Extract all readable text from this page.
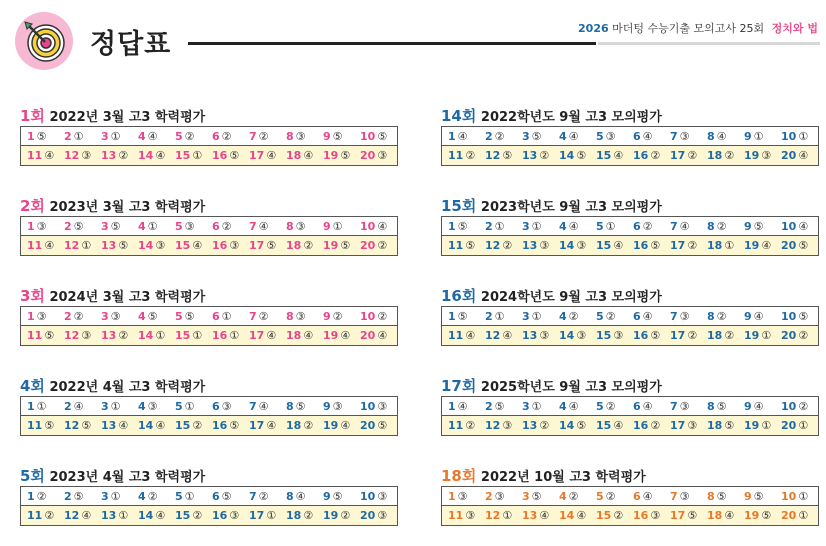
정답표
2026 마더텅 수능기출 모의고사 25회 정치와 법
1회 2022년 3월 고3 학력평가
1 ⑤	2 ①	3 ①	4 ④	5 ②	6 ②	7 ②	8 ③	9 ⑤	10 ⑤
11 ④ 12 ③ 13 ② 14 ④ 15 ① 16 ⑤ 17 ④ 18 ④ 19 ⑤ 20 ③
2회 2023년 3월 고3 학력평가
1 ③	2 ⑤	3 ⑤	4 ①	5 ③	6 ②	7 ④	8 ③	9 ①	10 ④
11 ④ 12 ① 13 ⑤ 14 ③ 15 ④ 16 ③ 17 ⑤ 18 ② 19 ⑤ 20 ②
3회 2024년 3월 고3 학력평가
1 ③	2 ②	3 ③	4 ⑤	5 ⑤	6 ①	7 ②	8 ③	9 ②	10 ②
11 ⑤ 12 ③ 13 ② 14 ① 15 ① 16 ① 17 ④ 18 ④ 19 ④ 20 ④
4회 2022년 4월 고3 학력평가
1 ①	2 ④	3 ①	4 ③	5 ①	6 ③	7 ④	8 ⑤	9 ③	10 ③
11 ⑤ 12 ⑤ 13 ④ 14 ④ 15 ② 16 ⑤ 17 ④ 18 ② 19 ④ 20 ⑤
5회 2023년 4월 고3 학력평가
1 ②	2 ⑤	3 ①	4 ②	5 ①	6 ⑤	7 ②	8 ④	9 ⑤	10 ③
11 ② 12 ④ 13 ① 14 ④ 15 ② 16 ③ 17 ① 18 ② 19 ② 20 ③
14회 2022학년도 9월 고3 모의평가
1 ④	2 ②	3 ⑤	4 ④	5 ③	6 ④	7 ③	8 ④	9 ①	10 ①
11 ② 12 ⑤ 13 ② 14 ⑤ 15 ④ 16 ② 17 ② 18 ② 19 ③ 20 ④
15회 2023학년도 9월 고3 모의평가
1 ⑤	2 ①	3 ①	4 ④	5 ①	6 ②	7 ④	8 ②	9 ⑤	10 ④
11 ⑤ 12 ② 13 ③ 14 ③ 15 ④ 16 ⑤ 17 ② 18 ① 19 ④ 20 ⑤
16회 2024학년도 9월 고3 모의평가
1 ⑤	2 ①	3 ①	4 ②	5 ②	6 ④	7 ③	8 ②	9 ④	10 ⑤
11 ④ 12 ④ 13 ③ 14 ③ 15 ③ 16 ⑤ 17 ② 18 ② 19 ① 20 ②
17회 2025학년도 9월 고3 모의평가
1 ④	2 ⑤	3 ①	4 ④	5 ②	6 ④	7 ③	8 ⑤	9 ④	10 ②
11 ② 12 ③ 13 ② 14 ⑤ 15 ④ 16 ② 17 ③ 18 ⑤ 19 ① 20 ①
18회 2022년 10월 고3 학력평가
1 ③	2 ③	3 ⑤	4 ②	5 ②	6 ④	7 ③	8 ⑤	9 ⑤	10 ①
11 ③ 12 ① 13 ④ 14 ④ 15 ② 16 ③ 17 ⑤ 18 ④ 19 ⑤ 20 ①
